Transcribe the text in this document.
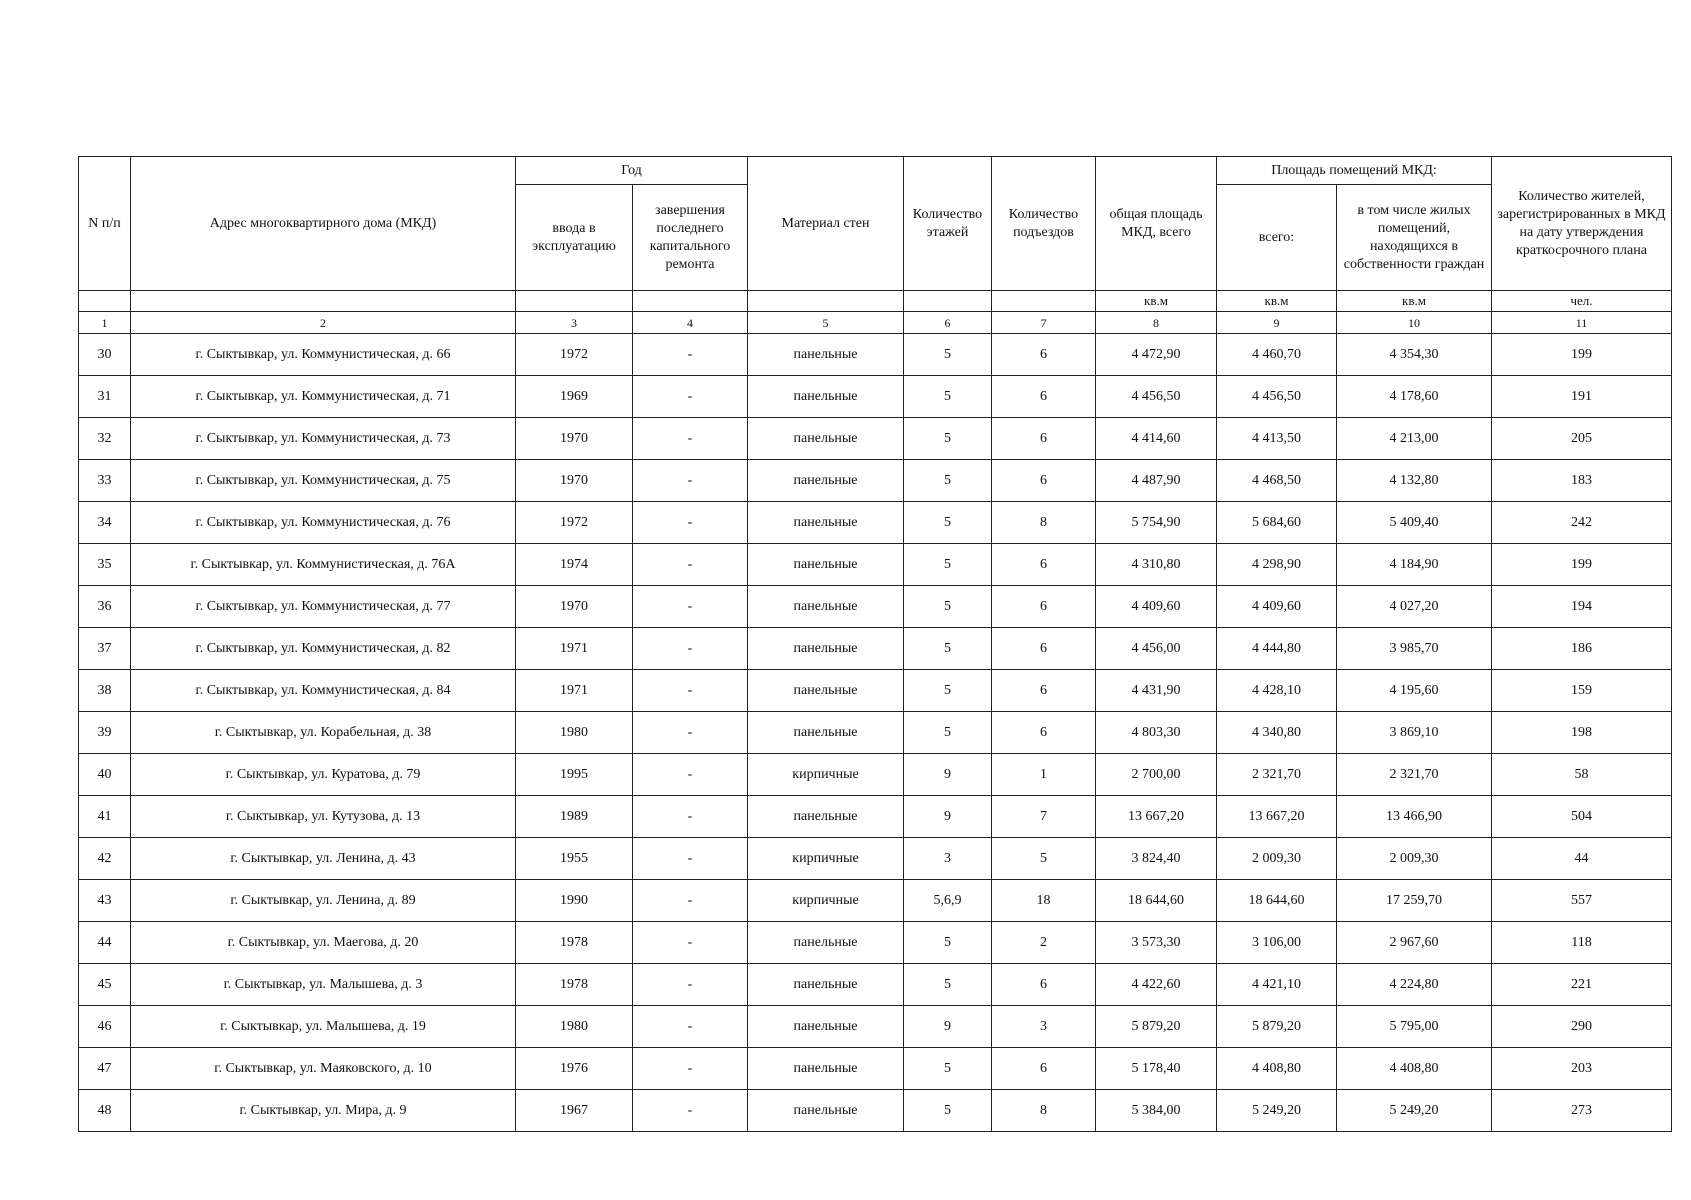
N п/п	Адрес многоквартирного дома (МКД)	Год		Материал стен	Количество этажей	Количество подъездов	общая площадь МКД, всего	Площадь помещений МКД:		Количество жителей, зарегистрированных в МКД на дату утверждения краткосрочного плана
		ввода в эксплуатацию	завершения последнего капитального ремонта					всего:	в том числе жилых помещений, находящихся в собственности граждан	
							кв.м	кв.м	кв.м	чел.
1	2	3	4	5	6	7	8	9	10	11
30	г. Сыктывкар, ул. Коммунистическая, д. 66	1972	-	панельные	5	6	4 472,90	4 460,70	4 354,30	199
31	г. Сыктывкар, ул. Коммунистическая, д. 71	1969	-	панельные	5	6	4 456,50	4 456,50	4 178,60	191
32	г. Сыктывкар, ул. Коммунистическая, д. 73	1970	-	панельные	5	6	4 414,60	4 413,50	4 213,00	205
33	г. Сыктывкар, ул. Коммунистическая, д. 75	1970	-	панельные	5	6	4 487,90	4 468,50	4 132,80	183
34	г. Сыктывкар, ул. Коммунистическая, д. 76	1972	-	панельные	5	8	5 754,90	5 684,60	5 409,40	242
35	г. Сыктывкар, ул. Коммунистическая, д. 76А	1974	-	панельные	5	6	4 310,80	4 298,90	4 184,90	199
36	г. Сыктывкар, ул. Коммунистическая, д. 77	1970	-	панельные	5	6	4 409,60	4 409,60	4 027,20	194
37	г. Сыктывкар, ул. Коммунистическая, д. 82	1971	-	панельные	5	6	4 456,00	4 444,80	3 985,70	186
38	г. Сыктывкар, ул. Коммунистическая, д. 84	1971	-	панельные	5	6	4 431,90	4 428,10	4 195,60	159
39	г. Сыктывкар, ул. Корабельная, д. 38	1980	-	панельные	5	6	4 803,30	4 340,80	3 869,10	198
40	г. Сыктывкар, ул. Куратова, д. 79	1995	-	кирпичные	9	1	2 700,00	2 321,70	2 321,70	58
41	г. Сыктывкар, ул. Кутузова, д. 13	1989	-	панельные	9	7	13 667,20	13 667,20	13 466,90	504
42	г. Сыктывкар, ул. Ленина, д. 43	1955	-	кирпичные	3	5	3 824,40	2 009,30	2 009,30	44
43	г. Сыктывкар, ул. Ленина, д. 89	1990	-	кирпичные	5,6,9	18	18 644,60	18 644,60	17 259,70	557
44	г. Сыктывкар, ул. Маегова, д. 20	1978	-	панельные	5	2	3 573,30	3 106,00	2 967,60	118
45	г. Сыктывкар, ул. Малышева, д. 3	1978	-	панельные	5	6	4 422,60	4 421,10	4 224,80	221
46	г. Сыктывкар, ул. Малышева, д. 19	1980	-	панельные	9	3	5 879,20	5 879,20	5 795,00	290
47	г. Сыктывкар, ул. Маяковского, д. 10	1976	-	панельные	5	6	5 178,40	4 408,80	4 408,80	203
48	г. Сыктывкар, ул. Мира, д. 9	1967	-	панельные	5	8	5 384,00	5 249,20	5 249,20	273
